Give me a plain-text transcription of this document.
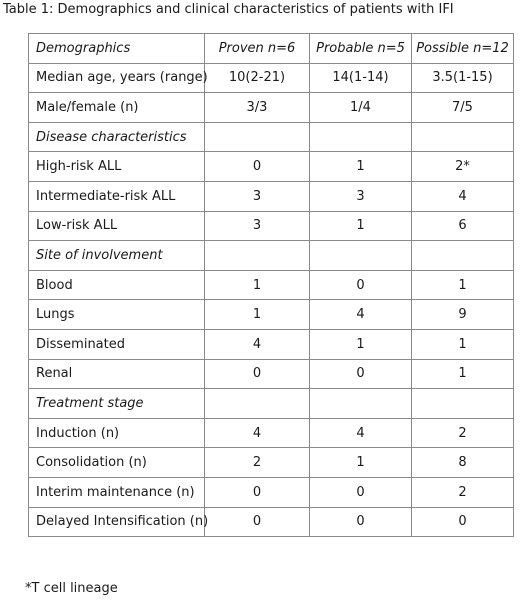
Table 1: Demographics and clinical characteristics of patients with IFI
Demographics	Proven n=6	Probable n=5	Possible n=12
Median age, years (range)	10(2-21)	14(1-14)	3.5(1-15)
Male/female (n)	3/3	1/4	7/5
Disease characteristics			
High-risk ALL	0	1	2*
Intermediate-risk ALL	3	3	4
Low-risk ALL	3	1	6
Site of involvement			
Blood	1	0	1
Lungs	1	4	9
Disseminated	4	1	1
Renal	0	0	1
Treatment stage			
Induction (n)	4	4	2
Consolidation (n)	2	1	8
Interim maintenance (n)	0	0	2
Delayed Intensification (n)	0	0	0
*T cell lineage
